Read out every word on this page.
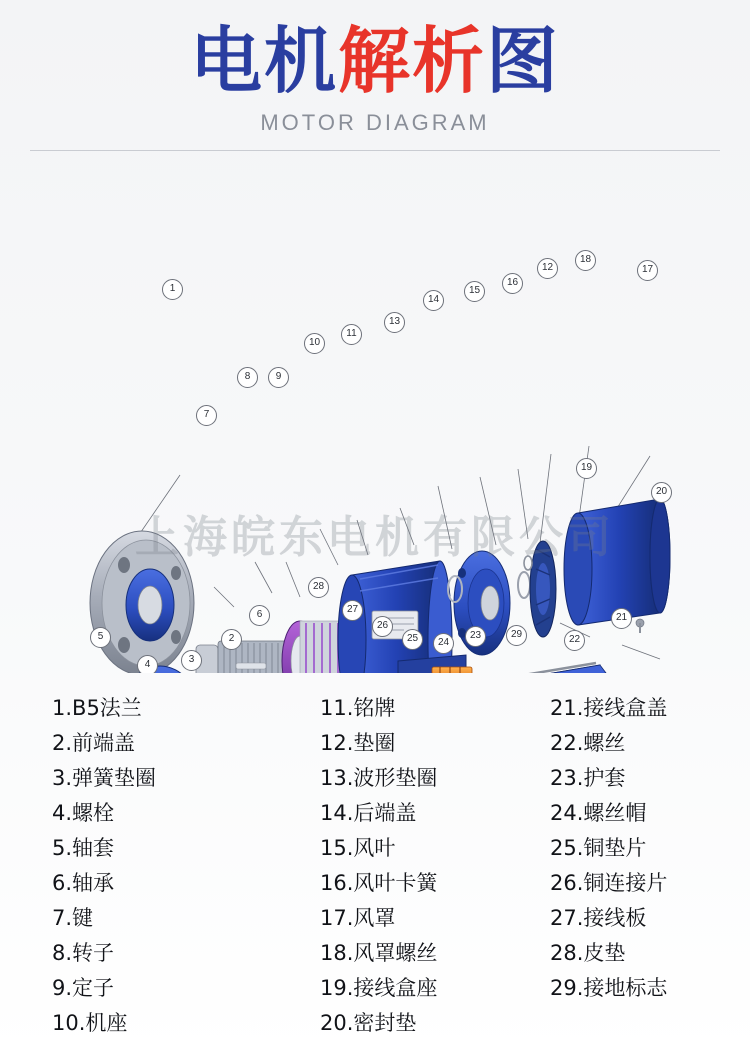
电机解析图
MOTOR DIAGRAM
上海皖东电机有限公司
1
2
3
4
5
6
7
8	9
10
11
12
13
14
15
16
17
18
19
20
21
22
23
24
25
26
27
28
29
1.B5法兰
2.前端盖
3.弹簧垫圈
4.螺栓
5.轴套
6.轴承
7.键
8.转子
9.定子
10.机座
11.铭牌
12.垫圈
13.波形垫圈
14.后端盖
15.风叶
16.风叶卡簧
17.风罩
18.风罩螺丝
19.接线盒座
20.密封垫
21.接线盒盖
22.螺丝
23.护套
24.螺丝帽
25.铜垫片
26.铜连接片
27.接线板
28.皮垫
29.接地标志
